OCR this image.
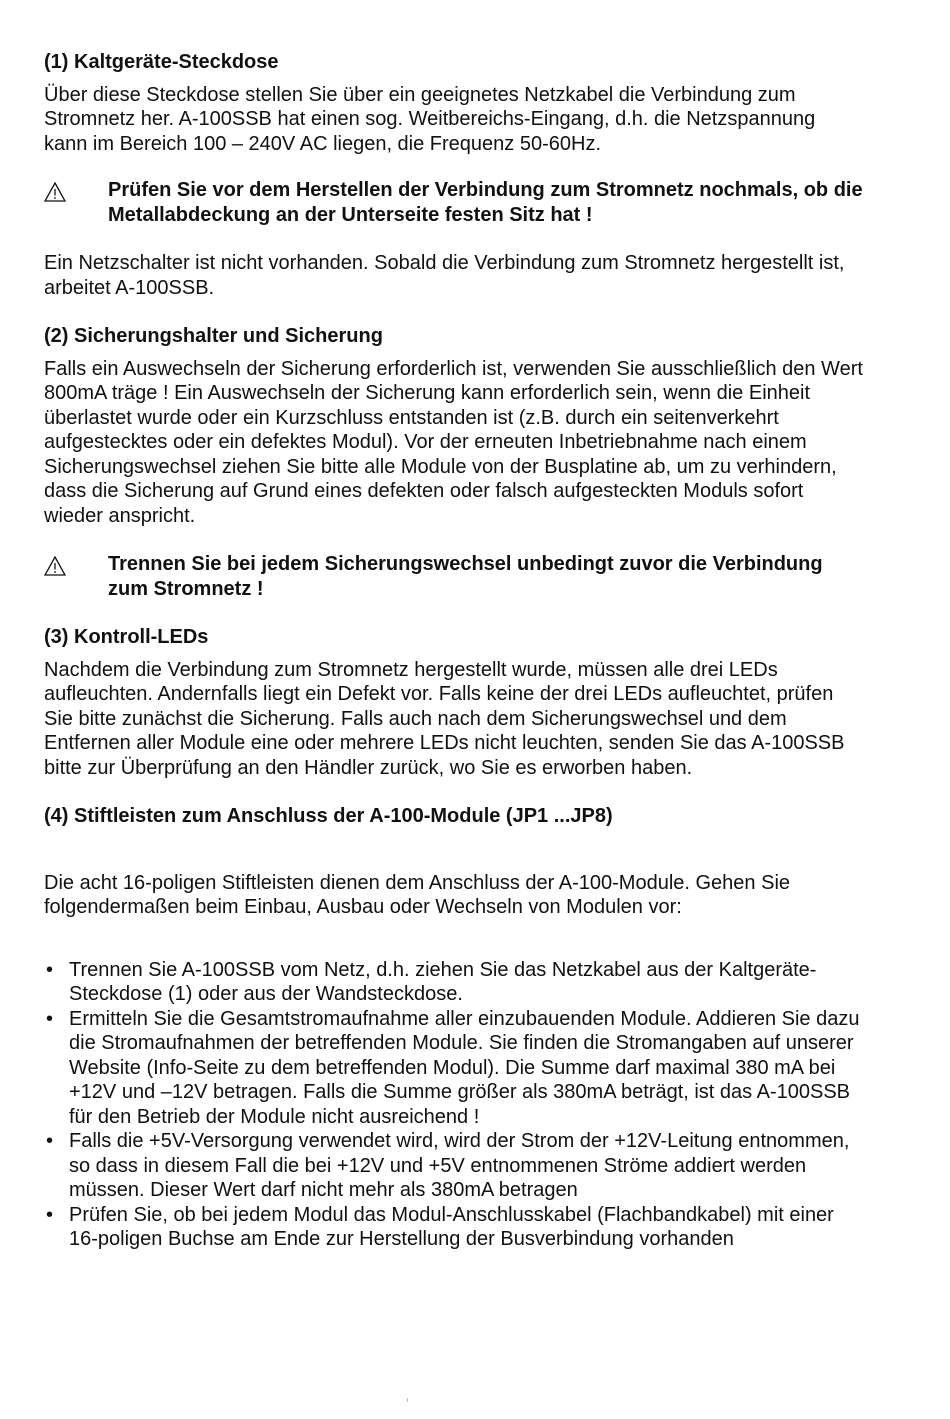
(1) Kaltgeräte-Steckdose

Über diese Steckdose stellen Sie über ein geeignetes Netzkabel die Verbindung zum Stromnetz her. A-100SSB hat einen sog. Weitbereichs-Eingang, d.h. die Netzspannung kann im Bereich 100 – 240V AC liegen, die Frequenz 50-60Hz.

Prüfen Sie vor dem Herstellen der Verbindung zum Stromnetz nochmals, ob die Metallabdeckung an der Unterseite festen Sitz hat !

Ein Netzschalter ist nicht vorhanden. Sobald die Verbindung zum Stromnetz hergestellt ist, arbeitet A-100SSB.

(2) Sicherungshalter und Sicherung

Falls ein Auswechseln der Sicherung erforderlich ist, verwenden Sie ausschließlich den Wert 800mA träge ! Ein Auswechseln der Sicherung kann erforderlich sein, wenn die Einheit überlastet wurde oder ein Kurzschluss entstanden ist (z.B. durch ein seitenverkehrt aufgestecktes oder ein defektes Modul). Vor der erneuten Inbetriebnahme nach einem Sicherungswechsel ziehen Sie bitte alle Module von der Busplatine ab, um zu verhindern, dass die Sicherung auf Grund eines defekten oder falsch aufgesteckten Moduls sofort wieder anspricht.

Trennen Sie bei jedem Sicherungswechsel unbedingt zuvor die Verbindung zum Stromnetz !
(3) Kontroll-LEDs

Nachdem die Verbindung zum Stromnetz hergestellt wurde, müssen alle drei LEDs aufleuchten. Andernfalls liegt ein Defekt vor. Falls keine der drei LEDs aufleuchtet, prüfen Sie bitte zunächst die Sicherung. Falls auch nach dem Sicherungswechsel und dem Entfernen aller Module eine oder mehrere LEDs nicht leuchten, senden Sie das A-100SSB bitte zur Überprüfung an den Händler zurück, wo Sie es erworben haben.

(4) Stiftleisten zum Anschluss der A-100-Module (JP1 ...JP8)

Die acht 16-poligen Stiftleisten dienen dem Anschluss der A-100-Module. Gehen Sie folgendermaßen beim Einbau, Ausbau oder Wechseln von Modulen vor:

• Trennen Sie A-100SSB vom Netz, d.h. ziehen Sie das Netzkabel aus der Kaltgeräte-Steckdose (1) oder aus der Wandsteckdose.
• Ermitteln Sie die Gesamtstromaufnahme aller einzubauenden Module. Addieren Sie dazu die Stromaufnahmen der betreffenden Module. Sie finden die Stromangaben auf unserer Website (Info-Seite zu dem betreffenden Modul). Die Summe darf maximal 380 mA bei +12V und –12V betragen. Falls die Summe größer als 380mA beträgt, ist das A-100SSB für den Betrieb der Module nicht ausreichend !
• Falls die +5V-Versorgung verwendet wird, wird der Strom der +12V-Leitung entnommen, so dass in diesem Fall die bei +12V und +5V entnommenen Ströme addiert werden müssen. Dieser Wert darf nicht mehr als 380mA betragen
• Prüfen Sie, ob bei jedem Modul das Modul-Anschlusskabel (Flachbandkabel) mit einer 16-poligen Buchse am Ende zur Herstellung der Busverbindung vorhanden
